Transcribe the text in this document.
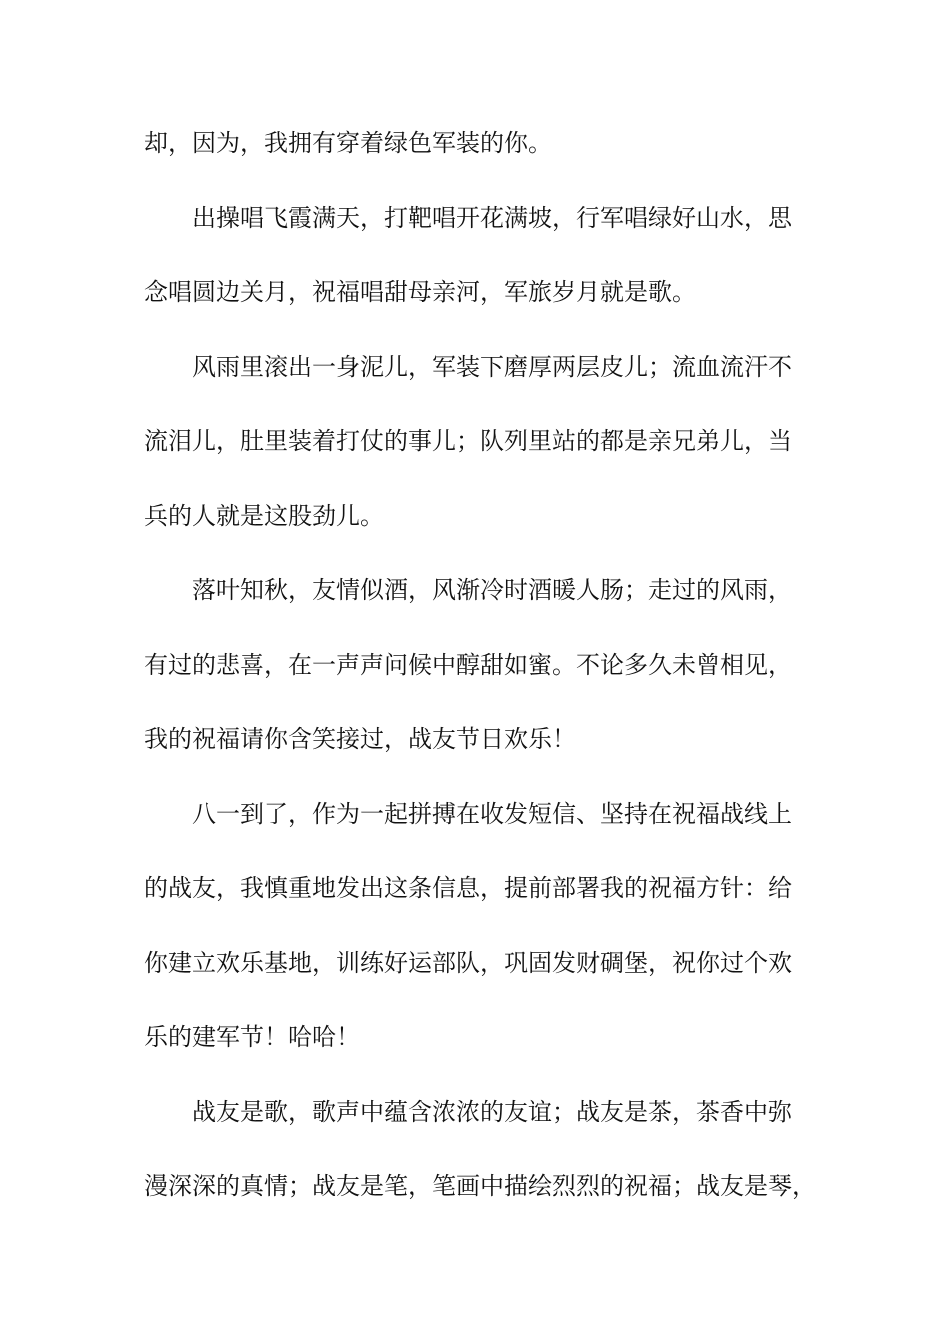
却，因为，我拥有穿着绿色军装的你。
出操唱飞霞满天，打靶唱开花满坡，行军唱绿好山水，思
念唱圆边关月，祝福唱甜母亲河，军旅岁月就是歌。
风雨里滚出一身泥儿，军装下磨厚两层皮儿；流血流汗不
流泪儿，肚里装着打仗的事儿；队列里站的都是亲兄弟儿，当
兵的人就是这股劲儿。
落叶知秋，友情似酒，风渐冷时酒暖人肠；走过的风雨，
有过的悲喜，在一声声问候中醇甜如蜜。不论多久未曾相见，
我的祝福请你含笑接过，战友节日欢乐！
八一到了，作为一起拼搏在收发短信、坚持在祝福战线上
的战友，我慎重地发出这条信息，提前部署我的祝福方针：给
你建立欢乐基地，训练好运部队，巩固发财碉堡，祝你过个欢
乐的建军节！哈哈！
战友是歌，歌声中蕴含浓浓的友谊；战友是茶，茶香中弥
漫深深的真情；战友是笔，笔画中描绘烈烈的祝福；战友是琴，
